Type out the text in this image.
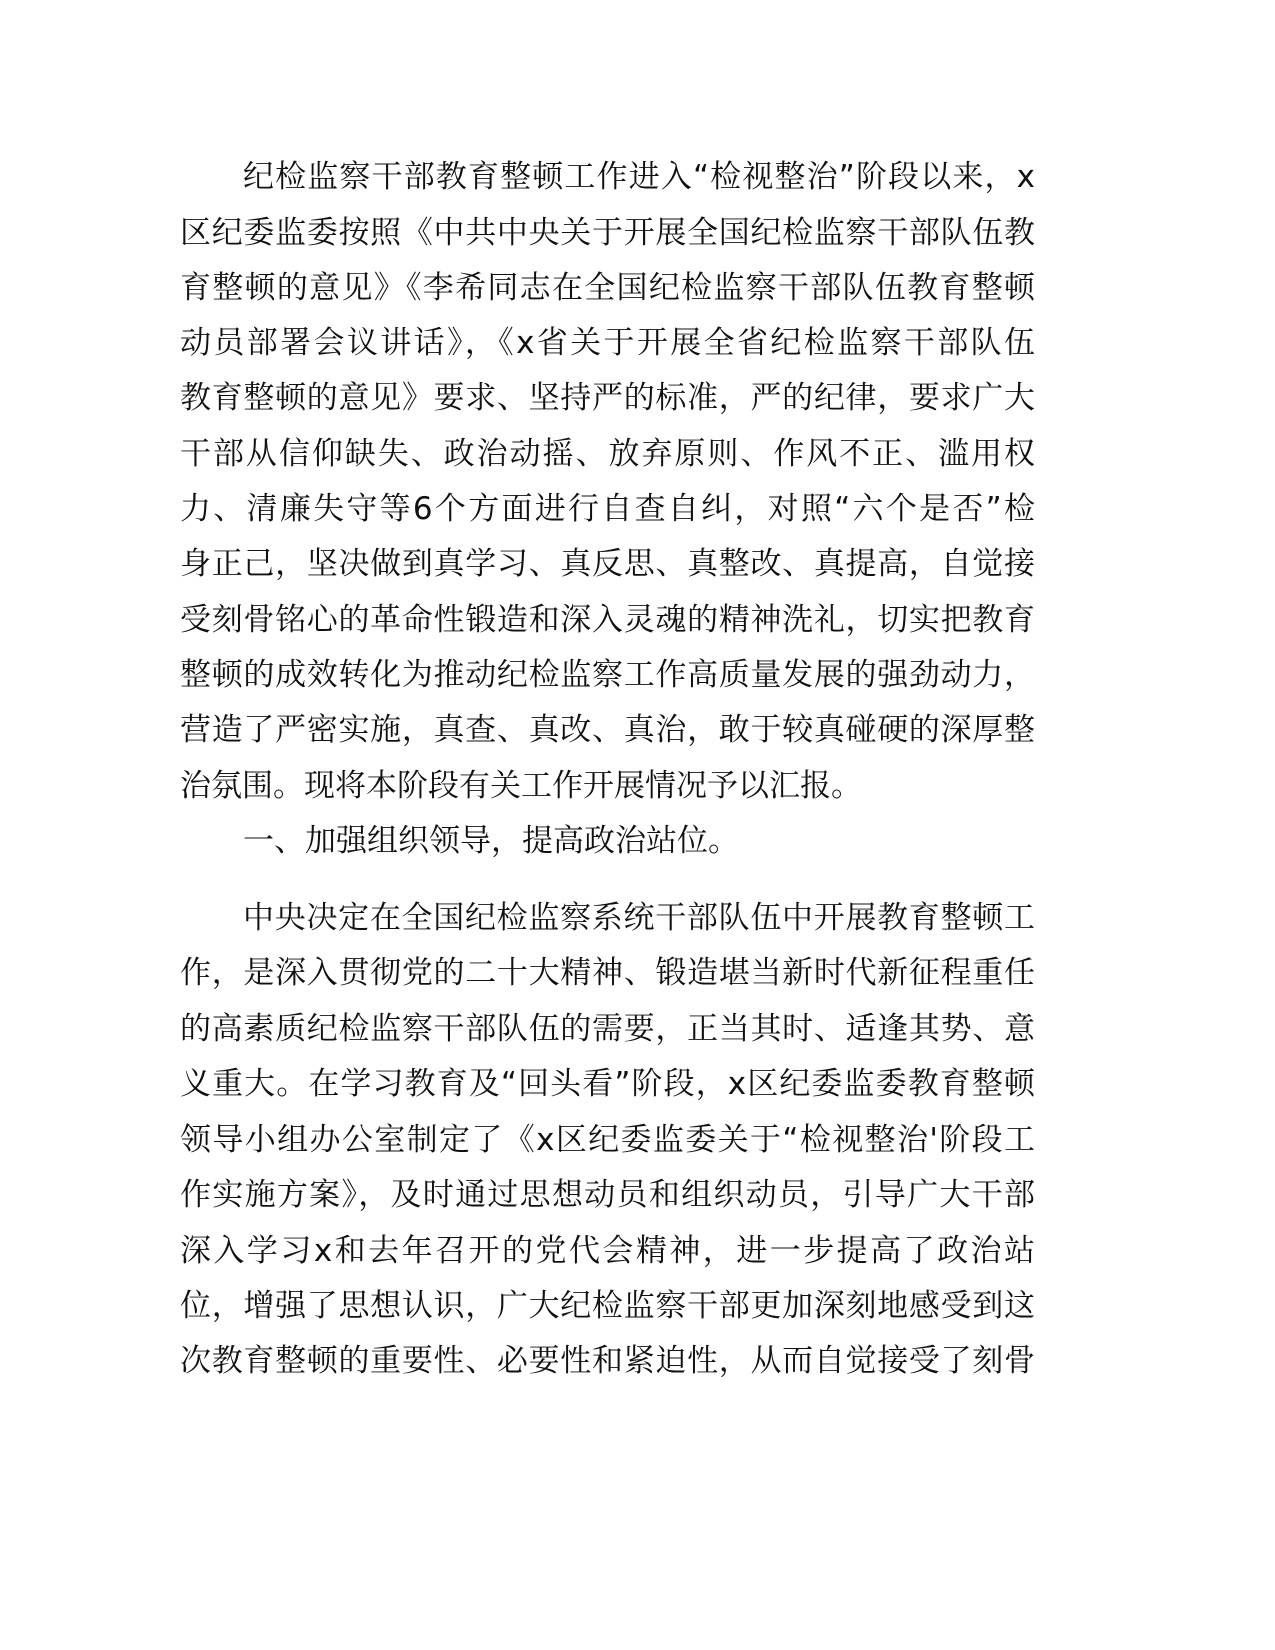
纪检监察干部教育整顿工作进入“检视整治”阶段以来，x
区纪委监委按照《中共中央关于开展全国纪检监察干部队伍教
育整顿的意见》《李希同志在全国纪检监察干部队伍教育整顿
动员部署会议讲话》，《x省关于开展全省纪检监察干部队伍
教育整顿的意见》要求、坚持严的标准，严的纪律，要求广大
干部从信仰缺失、政治动摇、放弃原则、作风不正、滥用权
力、清廉失守等6个方面进行自查自纠，对照“六个是否”检
身正己，坚决做到真学习、真反思、真整改、真提高，自觉接
受刻骨铭心的革命性锻造和深入灵魂的精神洗礼，切实把教育
整顿的成效转化为推动纪检监察工作高质量发展的强劲动力，
营造了严密实施，真查、真改、真治，敢于较真碰硬的深厚整
治氛围。现将本阶段有关工作开展情况予以汇报。
一、加强组织领导，提高政治站位。
中央决定在全国纪检监察系统干部队伍中开展教育整顿工
作，是深入贯彻党的二十大精神、锻造堪当新时代新征程重任
的高素质纪检监察干部队伍的需要，正当其时、适逢其势、意
义重大。在学习教育及“回头看”阶段，x区纪委监委教育整顿
领导小组办公室制定了《x区纪委监委关于“检视整治'阶段工
作实施方案》，及时通过思想动员和组织动员，引导广大干部
深入学习x和去年召开的党代会精神，进一步提高了政治站
位，增强了思想认识，广大纪检监察干部更加深刻地感受到这
次教育整顿的重要性、必要性和紧迫性，从而自觉接受了刻骨
